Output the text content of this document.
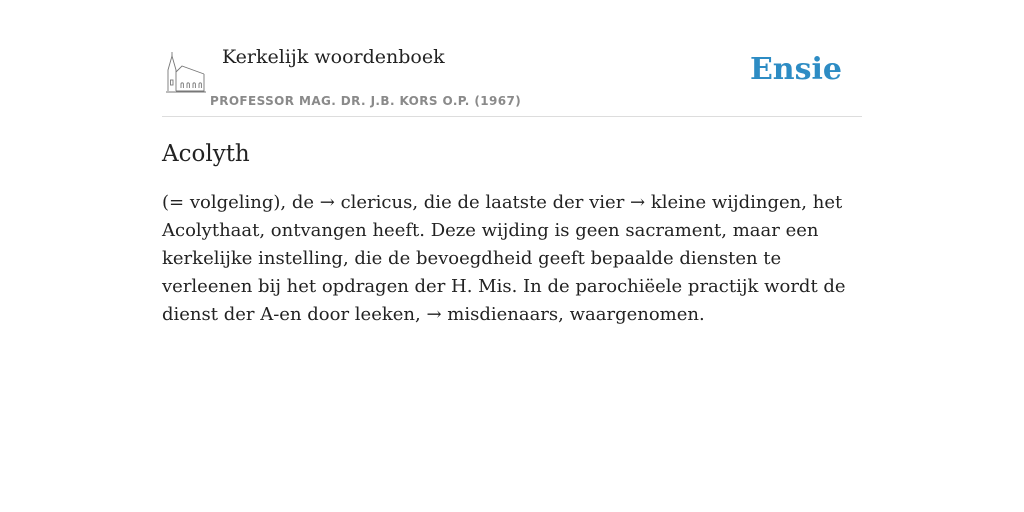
Kerkelijk woordenboek
PROFESSOR MAG. DR. J.B. KORS O.P. (1967)
Ensie
Acolyth
(= volgeling), de → clericus, die de laatste der vier → kleine wijdingen, het Acolythaat, ontvangen heeft. Deze wijding is geen sacrament, maar een kerkelijke instelling, die de bevoegdheid geeft bepaalde diensten te verleenen bij het opdragen der H. Mis. In de parochiëele practijk wordt de dienst der A-en door leeken, → misdienaars, waargenomen.
